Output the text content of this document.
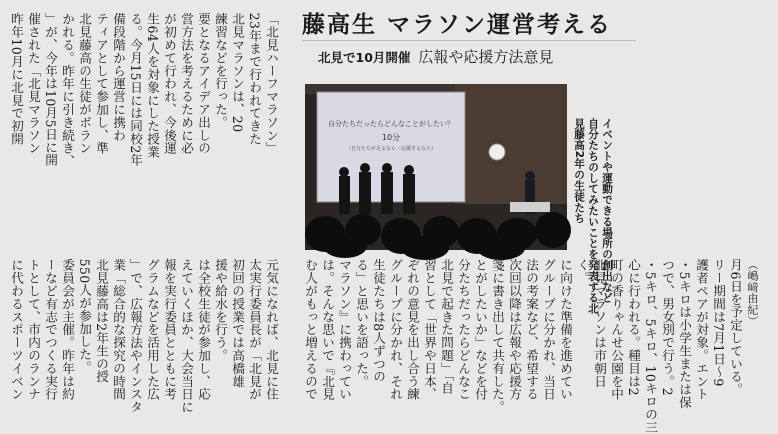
藤高生 マラソン運営考える
北見で10月開催 広報や応援方法意見
自分たちだったらどんなことがしたい？
10分
（自分たちが走るなら・応援するなら）	イベントや運動できる場所の創出など
自分たちのしてみたいことを発表する北
見藤高2年の生徒たち

「北見ハーフマラソン」
23年まで行われてきた
北見マラソンは、20
練習などを行った。
要となるアイデア出しの
営方法を考えるために必
が初めて行われ、今後運
生64人を対象にした授業
る。今月15日には同校2年
備段階から運営に携わ
ティアとして参加し、準
北見藤高の生徒がボラン
かれる。昨年に引き続き、
」が、今年は10月5日に開
催された「北見マラソン
昨年10月に北見で初開

元気になれば、北見に住
太実行委員長が「北見が
初回の授業では高橋雄
援や給水を行う。
は全校生徒が参加し、応
えていくほか、大会当日に
報を実行委員とともに考
グラムなどを活用した広
」で、広報方法やインスタ
業「総合的な探究の時間
北見藤高は2年生の授
550人が参加した。
委員会が主催。昨年は約
ーなど有志でつくる実行
トとして、市内のランナ
に代わるスポーツイベン	（嶋﨑由紀）
月6日を予定している。
リー期間は7月1日〜9
護者ペアが対象。エント
・5キロは小学生または保
つで、男女別で行う。2
・5キロ、5キロ、10キロの三
心に行われる。種目は2
町の香りゃんせ公園を中
北見マラソンは市朝日
く。
に向けた準備を進めてい
グループに分かれ、当日
法の考案など、希望する
次回以降は広報や応援方
箋に書き出して共有した。
とがしたいか」などを付
分たちだったらどんなこ
北見で起きた問題」「自
習として「世界や日本、
ぞれの意見を出し合う練
グループに分かれ、それ
生徒たちは8人ずつの
る」と思いを語った。
マラソン』に携わってい
は。そんな思いで『北見
む人がもっと増えるので
